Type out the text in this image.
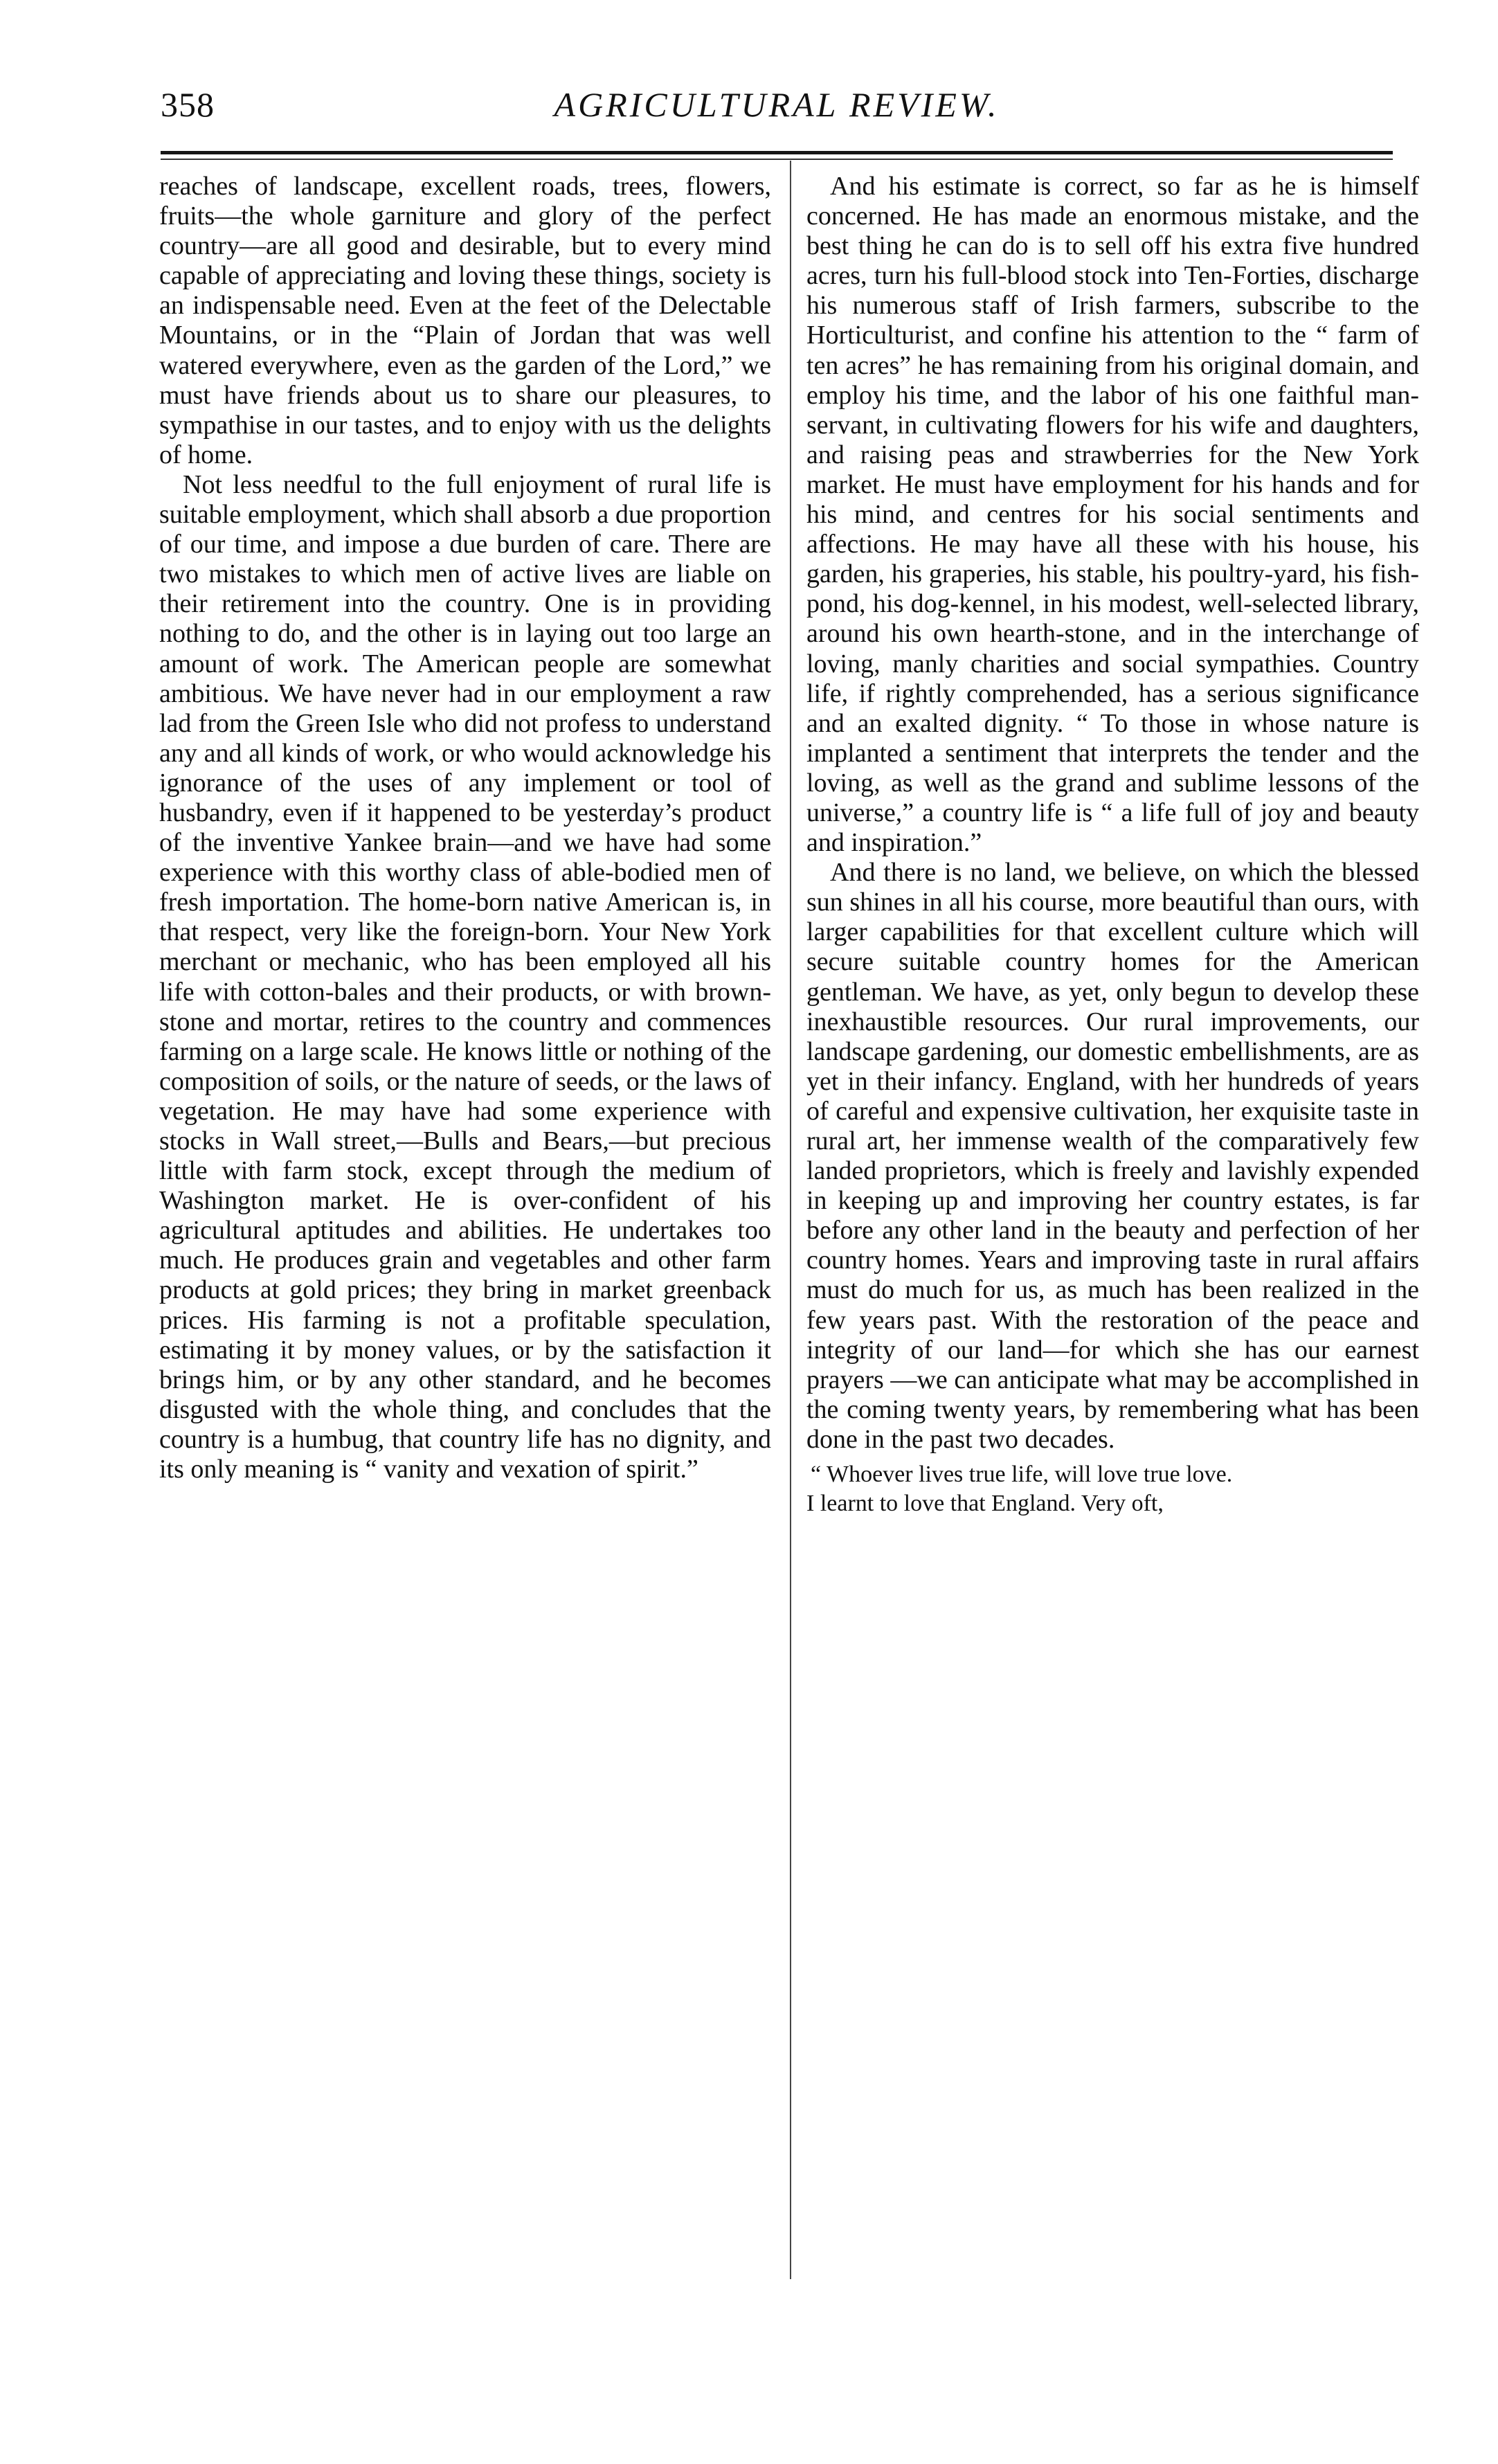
358	AGRICULTURAL REVIEW.

reaches of landscape, excellent roads, trees, flowers, fruits—the whole garniture and glory of the perfect country—are all good and desirable, but to every mind capable of appreciating and loving these things, society is an indispensable need. Even at the feet of the Delectable Mountains, or in the “Plain of Jordan that was well watered everywhere, even as the garden of the Lord,” we must have friends about us to share our pleasures, to sympathise in our tastes, and to enjoy with us the delights of home.

Not less needful to the full enjoyment of rural life is suitable employment, which shall absorb a due proportion of our time, and impose a due burden of care. There are two mistakes to which men of active lives are liable on their retirement into the country. One is in providing nothing to do, and the other is in laying out too large an amount of work. The American people are somewhat ambitious. We have never had in our employment a raw lad from the Green Isle who did not profess to understand any and all kinds of work, or who would acknowledge his ignorance of the uses of any implement or tool of husbandry, even if it happened to be yesterday’s product of the inventive Yankee brain—and we have had some experience with this worthy class of able-bodied men of fresh importation. The home-born native American is, in that respect, very like the foreign-born. Your New York merchant or mechanic, who has been employed all his life with cotton-bales and their products, or with brown-stone and mortar, retires to the country and commences farming on a large scale. He knows little or nothing of the composition of soils, or the nature of seeds, or the laws of vegetation. He may have had some experience with stocks in Wall street,—Bulls and Bears,—but precious little with farm stock, except through the medium of Washington market. He is over-confident of his agricultural aptitudes and abilities. He undertakes too much. He produces grain and vegetables and other farm products at gold prices; they bring in market greenback prices. His farming is not a profitable speculation, estimating it by money values, or by the satisfaction it brings him, or by any other standard, and he becomes disgusted with the whole thing, and concludes that the country is a humbug, that country life has no dignity, and its only meaning is “ vanity and vexation of spirit.”

And his estimate is correct, so far as he is himself concerned. He has made an enormous mistake, and the best thing he can do is to sell off his extra five hundred acres, turn his full-blood stock into Ten-Forties, discharge his numerous staff of Irish farmers, subscribe to the Horticulturist, and confine his attention to the “ farm of ten acres” he has remaining from his original domain, and employ his time, and the labor of his one faithful man-servant, in cultivating flowers for his wife and daughters, and raising peas and strawberries for the New York market. He must have employment for his hands and for his mind, and centres for his social sentiments and affections. He may have all these with his house, his garden, his graperies, his stable, his poultry-yard, his fish-pond, his dog-kennel, in his modest, well-selected library, around his own hearth-stone, and in the interchange of loving, manly charities and social sympathies. Country life, if rightly comprehended, has a serious significance and an exalted dignity. “ To those in whose nature is implanted a sentiment that interprets the tender and the loving, as well as the grand and sublime lessons of the universe,” a country life is “ a life full of joy and beauty and inspiration.”

And there is no land, we believe, on which the blessed sun shines in all his course, more beautiful than ours, with larger capabilities for that excellent culture which will secure suitable country homes for the American gentleman. We have, as yet, only begun to develop these inexhaustible resources. Our rural improvements, our landscape gardening, our domestic embellishments, are as yet in their infancy. England, with her hundreds of years of careful and expensive cultivation, her exquisite taste in rural art, her immense wealth of the comparatively few landed proprietors, which is freely and lavishly expended in keeping up and improving her country estates, is far before any other land in the beauty and perfection of her country homes. Years and improving taste in rural affairs must do much for us, as much has been realized in the few years past. With the restoration of the peace and integrity of our land—for which she has our earnest prayers —we can anticipate what may be accomplished in the coming twenty years, by remembering what has been done in the past two decades.

“ Whoever lives true life, will love true love.
I learnt to love that England. Very oft,
